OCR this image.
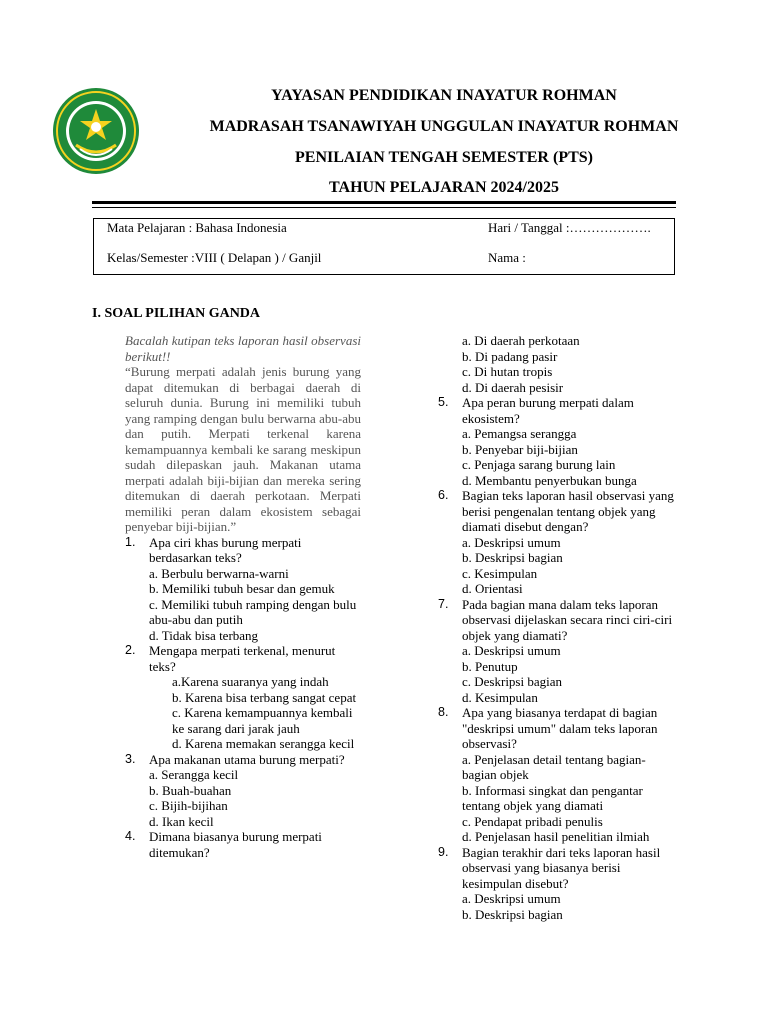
YAYASAN PENDIDIKAN INAYATUR ROHMAN
MADRASAH TSANAWIYAH UNGGULAN INAYATUR ROHMAN
PENILAIAN TENGAH SEMESTER (PTS)
TAHUN PELAJARAN 2024/2025
Mata Pelajaran : Bahasa Indonesia
Kelas/Semester :VIII ( Delapan ) / Ganjil
Hari / Tanggal :……………….
Nama :
I. SOAL PILIHAN GANDA
Bacalah kutipan teks laporan hasil observasi berikut!!
“Burung merpati adalah jenis burung yang dapat ditemukan di berbagai daerah di seluruh dunia. Burung ini memiliki tubuh yang ramping dengan bulu berwarna abu-abu dan putih. Merpati terkenal karena kemampuannya kembali ke sarang meskipun sudah dilepaskan jauh. Makanan utama merpati adalah biji-bijian dan mereka sering ditemukan di daerah perkotaan. Merpati memiliki peran dalam ekosistem sebagai penyebar biji-bijian.”
1.	Apa ciri khas burung merpati berdasarkan teks?
a. Berbulu berwarna-warni
b. Memiliki tubuh besar dan gemuk
c. Memiliki tubuh ramping dengan bulu abu-abu dan putih
d. Tidak bisa terbang
2.	Mengapa merpati terkenal, menurut teks?
a.Karena suaranya yang indah
b. Karena bisa terbang sangat cepat
c. Karena kemampuannya kembali ke sarang dari jarak jauh
d. Karena memakan serangga kecil
3.	Apa makanan utama burung merpati?
a. Serangga kecil
b. Buah-buahan
c. Bijih-bijihan
d. Ikan kecil
4.	Dimana biasanya burung merpati ditemukan?
a. Di daerah perkotaan
b. Di padang pasir
c. Di hutan tropis
d. Di daerah pesisir
5.	Apa peran burung merpati dalam ekosistem?
a. Pemangsa serangga
b. Penyebar biji-bijian
c. Penjaga sarang burung lain
d. Membantu penyerbukan bunga
6.	Bagian teks laporan hasil observasi yang berisi pengenalan tentang objek yang diamati disebut dengan?
a. Deskripsi umum
b. Deskripsi bagian
c. Kesimpulan
d. Orientasi
7.	Pada bagian mana dalam teks laporan observasi dijelaskan secara rinci ciri-ciri objek yang diamati?
a. Deskripsi umum
b. Penutup
c. Deskripsi bagian
d. Kesimpulan
8.	Apa yang biasanya terdapat di bagian "deskripsi umum" dalam teks laporan observasi?
a. Penjelasan detail tentang bagian-bagian objek
b. Informasi singkat dan pengantar tentang objek yang diamati
c. Pendapat pribadi penulis
d. Penjelasan hasil penelitian ilmiah
9.	Bagian terakhir dari teks laporan hasil observasi yang biasanya berisi kesimpulan disebut?
a. Deskripsi umum
b. Deskripsi bagian
